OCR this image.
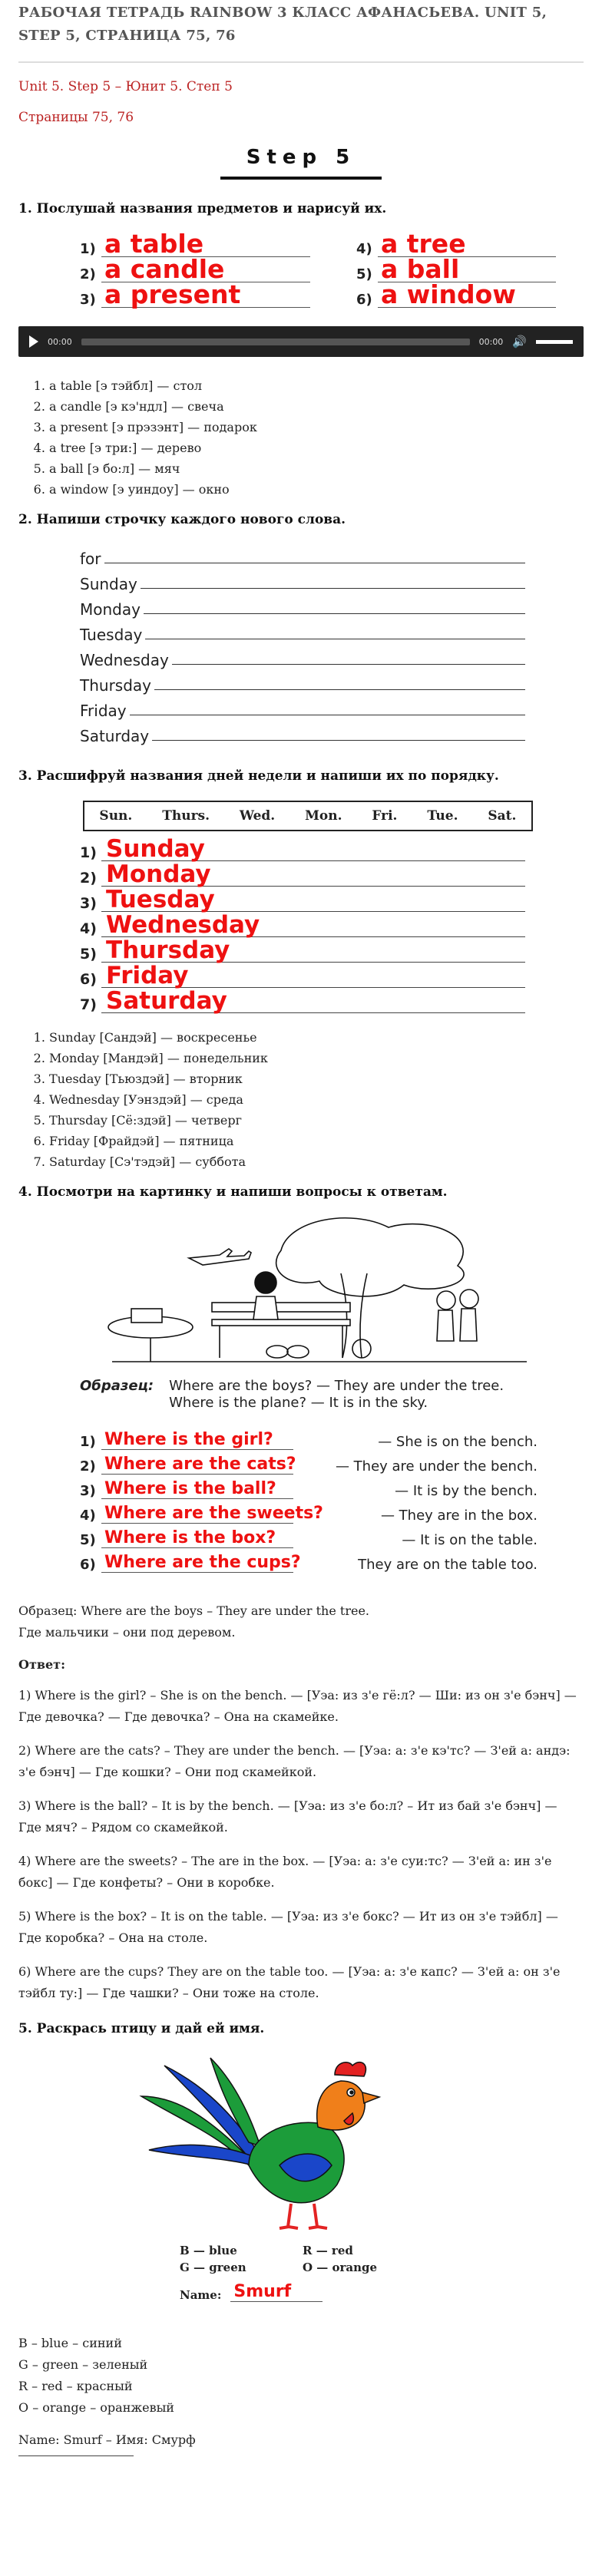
РАБОЧАЯ ТЕТРАДЬ RAINBOW 3 КЛАСС АФАНАСЬЕВА. UNIT 5, STEP 5, СТРАНИЦА 75, 76

Unit 5. Step 5 – Юнит 5. Степ 5

Страницы 75, 76

Step 5
1. Послушай названия предметов и нарисуй их.
1) a table	4) a tree
2) a candle	5) a ball
3) a present	6) a window
00:00	00:00 🔊
1. a table [э тэйбл] — стол
2. a candle [э кэ'ндл] — свеча
3. a present [э прэзэнт] — подарок
4. a tree [э три:] — дерево
5. a ball [э бо:л] — мяч
6. a window [э уиндоу] — окно
2. Напиши строчку каждого нового слова.
for
Sunday
Monday
Tuesday
Wednesday
Thursday
Friday
Saturday
3. Расшифруй названия дней недели и напиши их по порядку.
Sun. Thurs. Wed. Mon. Fri. Tue. Sat.
1) Sunday
2) Monday
3) Tuesday
4) Wednesday
5) Thursday
6) Friday
7) Saturday
1. Sunday [Сандэй] — воскресенье
2. Monday [Мандэй] — понедельник
3. Tuesday [Тьюздэй] — вторник
4. Wednesday [Уэнздэй] — среда
5. Thursday [Сё:здэй] — четверг
6. Friday [Фрайдэй] — пятница
7. Saturday [Сэ'тэдэй] — суббота
4. Посмотри на картинку и напиши вопросы к ответам.
Образец: Where are the boys? — They are under the tree.
Where is the plane? — It is in the sky.
1) Where is the girl?	— She is on the bench.
2) Where are the cats?	— They are under the bench.
3) Where is the ball?	— It is by the bench.
4) Where are the sweets?	— They are in the box.
5) Where is the box?	— It is on the table.
6) Where are the cups?	They are on the table too.

Образец: Where are the boys – They are under the tree.

Где мальчики – они под деревом.

Ответ:

1) Where is the girl? – She is on the bench. — [Уэа: из з'е гё:л? — Ши: из он з'е бэнч] — Где девочка? — Где девочка? – Она на скамейке.

2) Where are the cats? – They are under the bench. — [Уэа: а: з'е кэ'тс? — З'ей а: андэ: з'е бэнч] — Где кошки? – Они под скамейкой.

3) Where is the ball? – It is by the bench. — [Уэа: из з'е бо:л? – Ит из бай з'е бэнч] — Где мяч? – Рядом со скамейкой.

4) Where are the sweets? – The are in the box. — [Уэа: а: з'е суи:тс? — З'ей а: ин з'е бокс] — Где конфеты? – Они в коробке.

5) Where is the box? – It is on the table. — [Уэа: из з'е бокс? — Ит из он з'е тэйбл] — Где коробка? – Она на столе.

6) Where are the cups? They are on the table too. — [Уэа: а: з'е капс? — З'ей а: он з'е тэйбл ту:] — Где чашки? – Они тоже на столе.

5. Раскрась птицу и дай ей имя.
B — blue	R — red
G — green	O — orange
Name: Smurf

B – blue – синий

G – green – зеленый

R – red – красный

O – orange – оранжевый

Name: Smurf – Имя: Смурф
